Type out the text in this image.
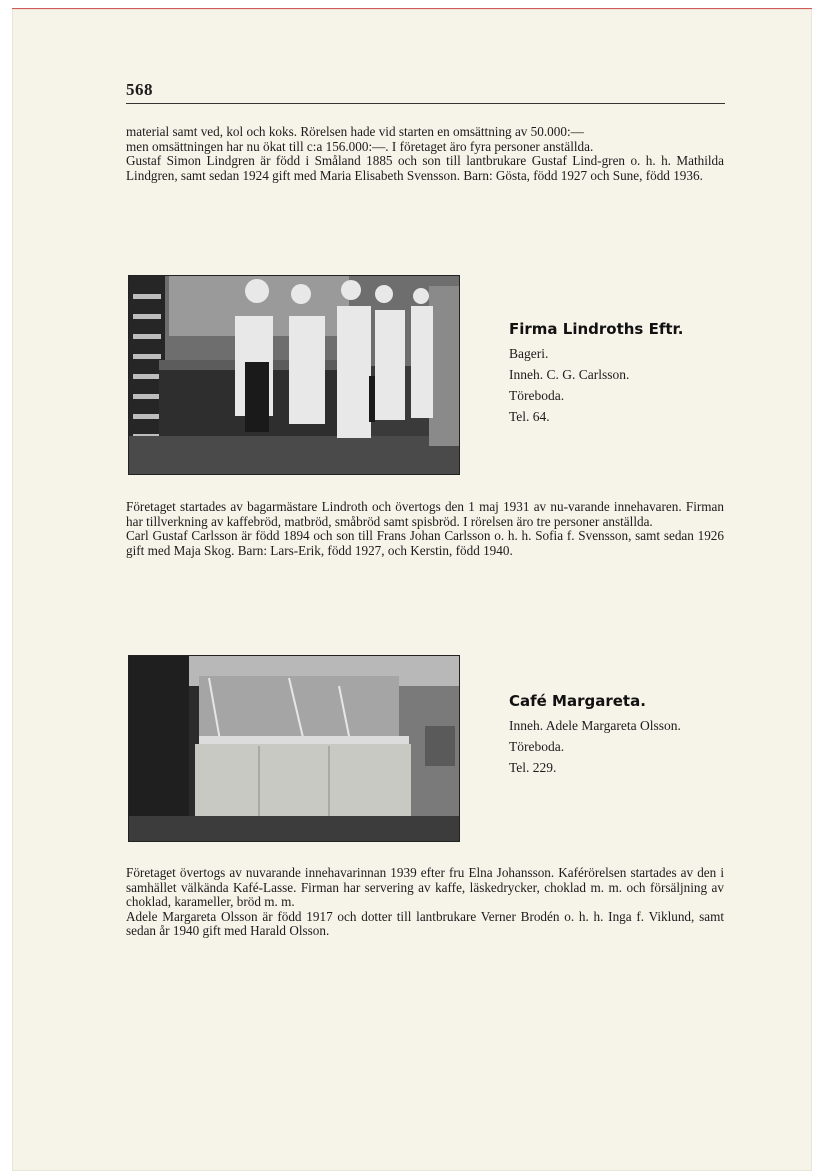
568

material samt ved, kol och koks. Rörelsen hade vid starten en omsättning av 50.000:—

men omsättningen har nu ökat till c:a 156.000:—. I företaget äro fyra personer anställda.

Gustaf Simon Lindgren är född i Småland 1885 och son till lantbrukare Gustaf Lind-gren o. h. h. Mathilda Lindgren, samt sedan 1924 gift med Maria Elisabeth Svensson. Barn: Gösta, född 1927 och Sune, född 1936.

Firma Lindroths Eftr.
Bageri.
Inneh. C. G. Carlsson.
Töreboda.
Tel. 64.

Företaget startades av bagarmästare Lindroth och övertogs den 1 maj 1931 av nu-varande innehavaren. Firman har tillverkning av kaffebröd, matbröd, småbröd samt spisbröd. I rörelsen äro tre personer anställda.

Carl Gustaf Carlsson är född 1894 och son till Frans Johan Carlsson o. h. h. Sofia f. Svensson, samt sedan 1926 gift med Maja Skog. Barn: Lars-Erik, född 1927, och Kerstin, född 1940.

Café Margareta.
Inneh. Adele Margareta Olsson.
Töreboda.
Tel. 229.

Företaget övertogs av nuvarande innehavarinnan 1939 efter fru Elna Johansson. Kaférörelsen startades av den i samhället välkända Kafé-Lasse. Firman har servering av kaffe, läskedrycker, choklad m. m. och försäljning av choklad, karameller, bröd m. m.

Adele Margareta Olsson är född 1917 och dotter till lantbrukare Verner Brodén o. h. h. Inga f. Viklund, samt sedan år 1940 gift med Harald Olsson.
